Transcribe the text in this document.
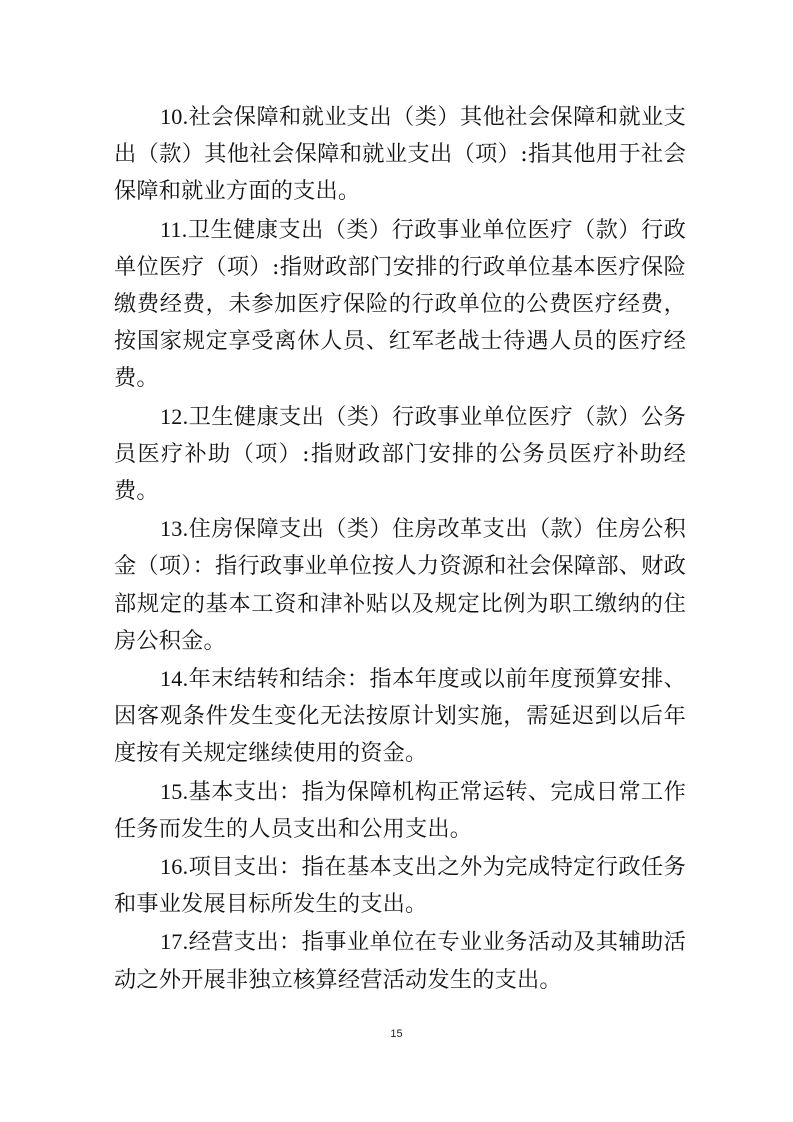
10.社会保障和就业支出（类）其他社会保障和就业支出（款）其他社会保障和就业支出（项）:指其他用于社会保障和就业方面的支出。

11.卫生健康支出（类）行政事业单位医疗（款）行政单位医疗（项）:指财政部门安排的行政单位基本医疗保险缴费经费，未参加医疗保险的行政单位的公费医疗经费，按国家规定享受离休人员、红军老战士待遇人员的医疗经费。

12.卫生健康支出（类）行政事业单位医疗（款）公务员医疗补助（项）:指财政部门安排的公务员医疗补助经费。

13.住房保障支出（类）住房改革支出（款）住房公积金（项）：指行政事业单位按人力资源和社会保障部、财政部规定的基本工资和津补贴以及规定比例为职工缴纳的住房公积金。

14.年末结转和结余：指本年度或以前年度预算安排、因客观条件发生变化无法按原计划实施，需延迟到以后年度按有关规定继续使用的资金。

15.基本支出：指为保障机构正常运转、完成日常工作任务而发生的人员支出和公用支出。

16.项目支出：指在基本支出之外为完成特定行政任务和事业发展目标所发生的支出。

17.经营支出：指事业单位在专业业务活动及其辅助活动之外开展非独立核算经营活动发生的支出。

15
